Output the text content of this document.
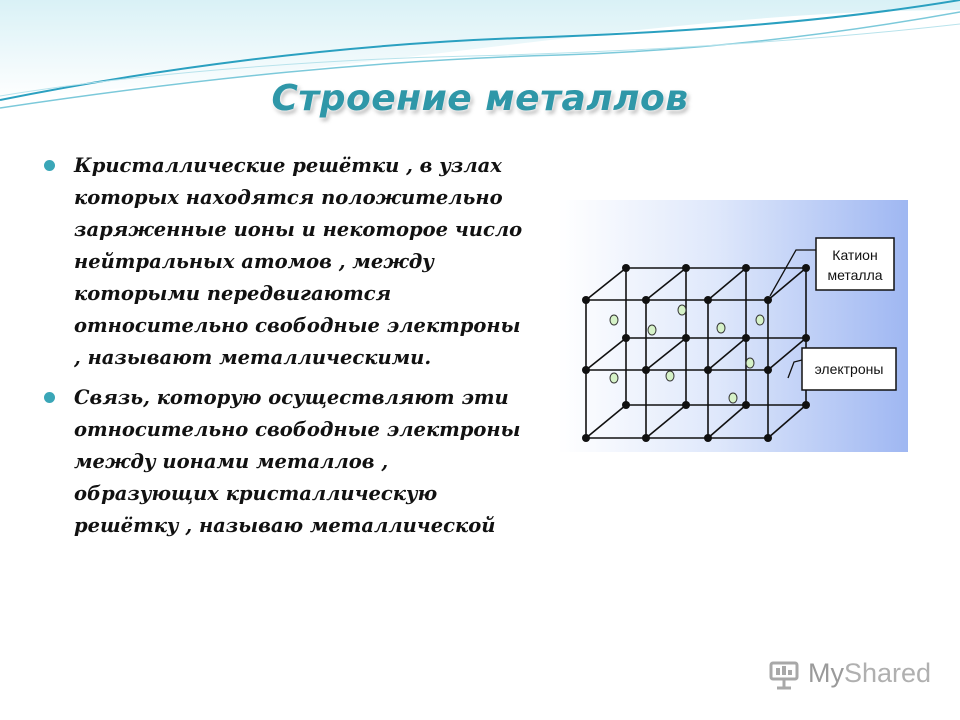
Строение металлов
Кристаллические решётки , в узлах которых находятся положительно заряженные ионы и некоторое число нейтральных атомов , между которыми передвигаются относительно свободные электроны , называют металлическими.
Связь, которую осуществляют эти относительно свободные электроны между ионами металлов , образующих кристаллическую решётку , называю металлической
Катион
металла
электроны
MyShared
